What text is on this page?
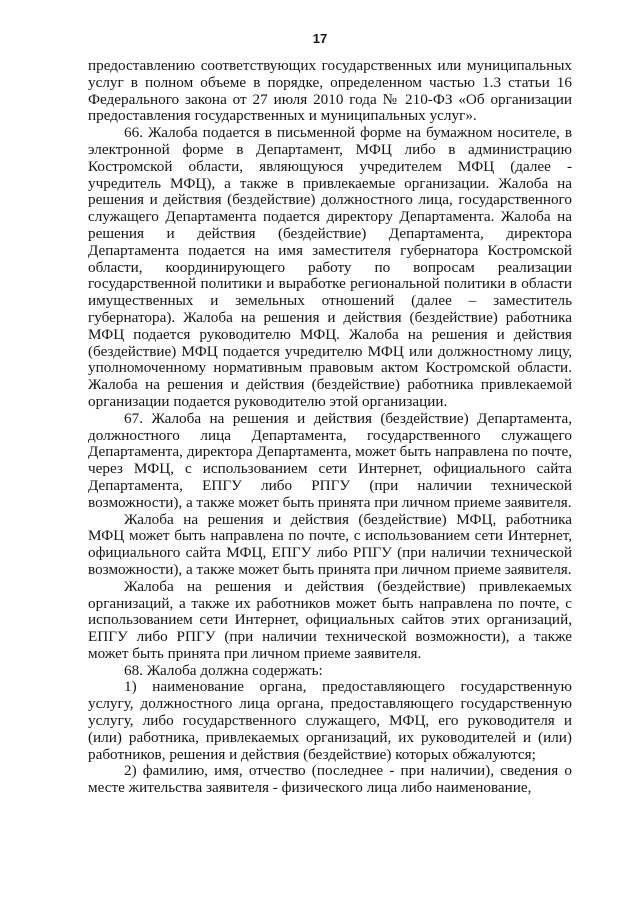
17

предоставлению соответствующих государственных или муниципальных услуг в полном объеме в порядке, определенном частью 1.3 статьи 16 Федерального закона от 27 июля 2010 года № 210-ФЗ «Об организации предоставления государственных и муниципальных услуг».

66. Жалоба подается в письменной форме на бумажном носителе, в электронной форме в Департамент, МФЦ либо в администрацию Костромской области, являющуюся учредителем МФЦ (далее - учредитель МФЦ), а также в привлекаемые организации. Жалоба на решения и действия (бездействие) должностного лица, государственного служащего Департамента подается директору Департамента. Жалоба на решения и действия (бездействие) Департамента, директора Департамента подается на имя заместителя губернатора Костромской области, координирующего работу по вопросам реализации государственной политики и выработке региональной политики в области имущественных и земельных отношений (далее – заместитель губернатора). Жалоба на решения и действия (бездействие) работника МФЦ подается руководителю МФЦ. Жалоба на решения и действия (бездействие) МФЦ подается учредителю МФЦ или должностному лицу, уполномоченному нормативным правовым актом Костромской области. Жалоба на решения и действия (бездействие) работника привлекаемой организации подается руководителю этой организации.

67. Жалоба на решения и действия (бездействие) Департамента, должностного лица Департамента, государственного служащего Департамента, директора Департамента, может быть направлена по почте, через МФЦ, с использованием сети Интернет, официального сайта Департамента, ЕПГУ либо РПГУ (при наличии технической возможности), а также может быть принята при личном приеме заявителя.

Жалоба на решения и действия (бездействие) МФЦ, работника МФЦ может быть направлена по почте, с использованием сети Интернет, официального сайта МФЦ, ЕПГУ либо РПГУ (при наличии технической возможности), а также может быть принята при личном приеме заявителя.

Жалоба на решения и действия (бездействие) привлекаемых организаций, а также их работников может быть направлена по почте, с использованием сети Интернет, официальных сайтов этих организаций, ЕПГУ либо РПГУ (при наличии технической возможности), а также может быть принята при личном приеме заявителя.

68. Жалоба должна содержать:

1) наименование органа, предоставляющего государственную услугу, должностного лица органа, предоставляющего государственную услугу, либо государственного служащего, МФЦ, его руководителя и (или) работника, привлекаемых организаций, их руководителей и (или) работников, решения и действия (бездействие) которых обжалуются;

2) фамилию, имя, отчество (последнее - при наличии), сведения о месте жительства заявителя - физического лица либо наименование,
